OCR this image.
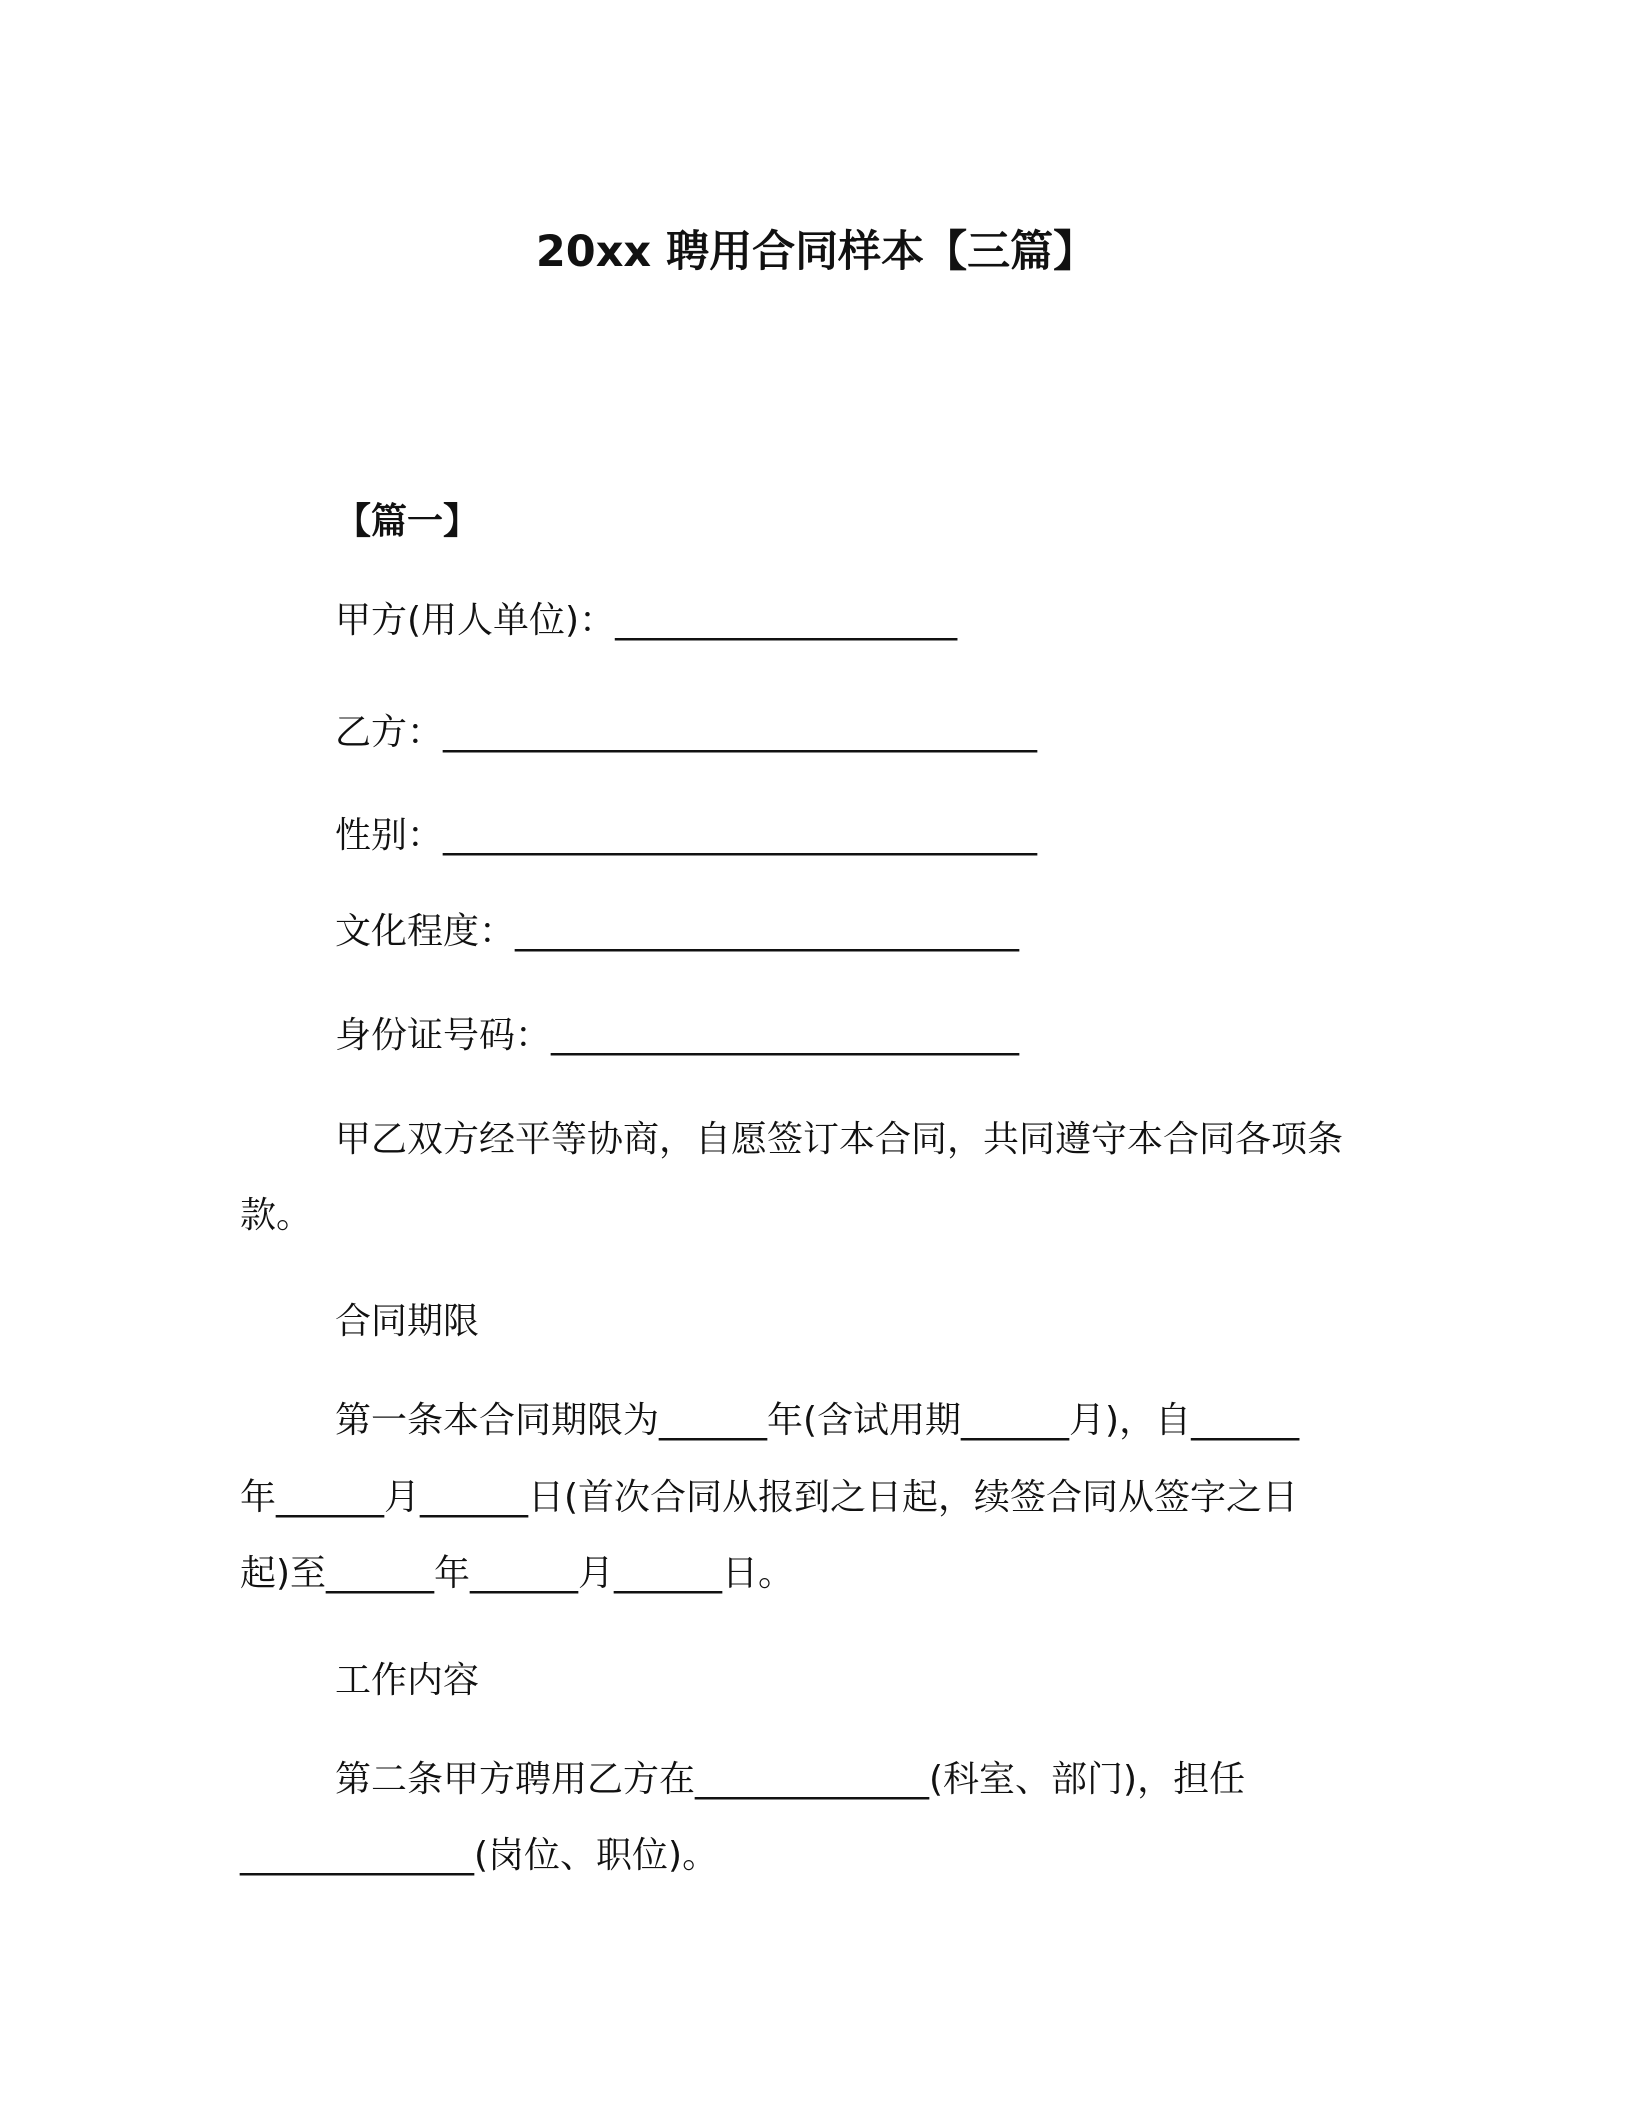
20xx 聘用合同样本【三篇】
【篇一】
甲方(用人单位)：___________________
乙方：_________________________________
性别：_________________________________
文化程度：____________________________
身份证号码：__________________________
甲乙双方经平等协商，自愿签订本合同，共同遵守本合同各项条
款。
合同期限
第一条本合同期限为______年(含试用期______月)，自______
年______月______日(首次合同从报到之日起，续签合同从签字之日
起)至______年______月______日。
工作内容
第二条甲方聘用乙方在_____________(科室、部门)，担任
_____________(岗位、职位)。
